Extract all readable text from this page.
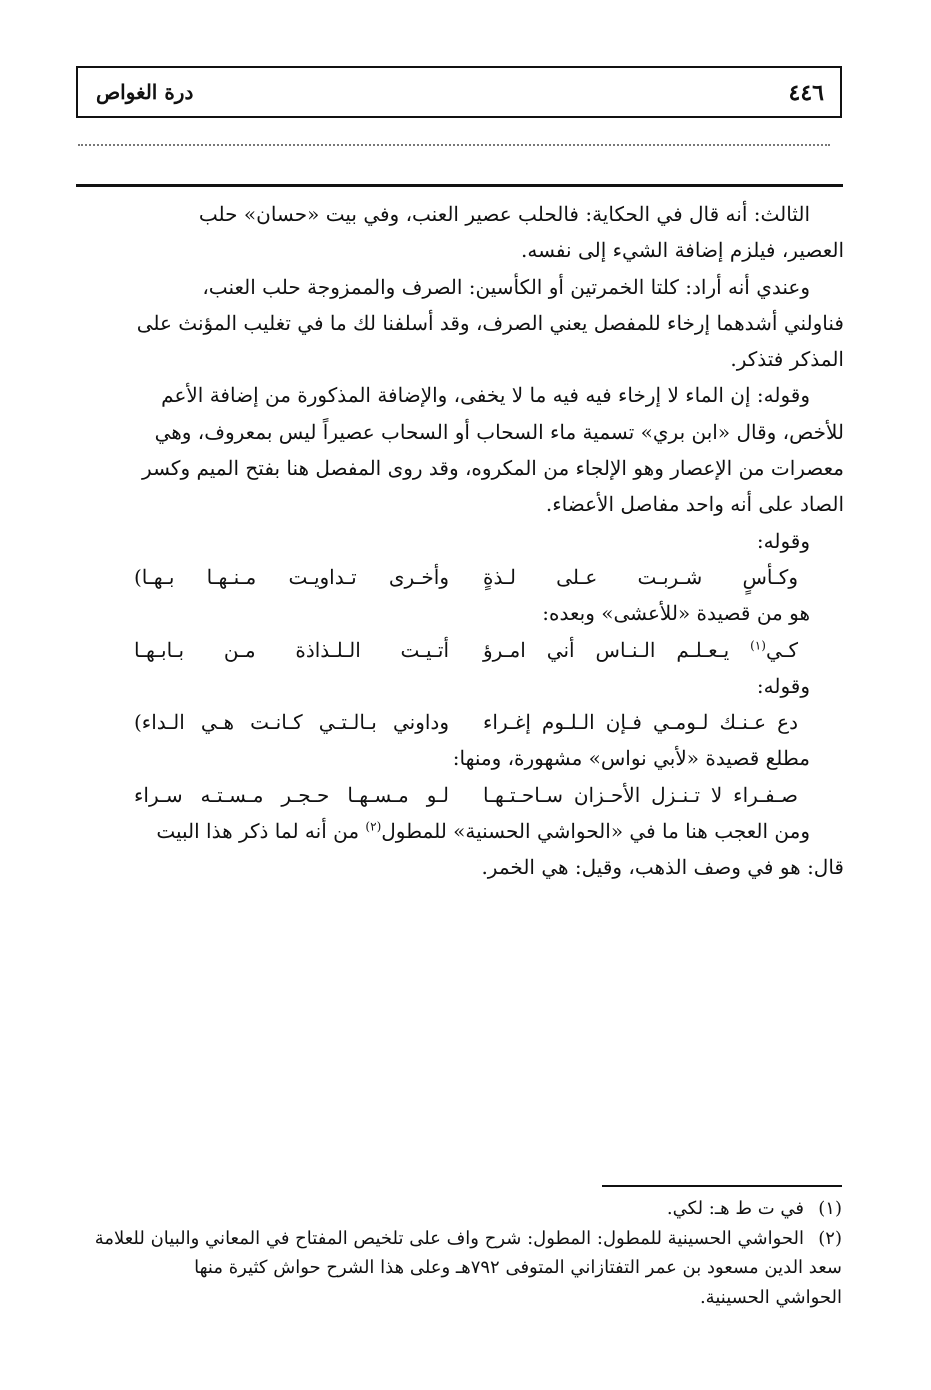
٤٤٦
درة الغواص
الثالث: أنه قال في الحكاية: فالحلب عصير العنب، وفي بيت «حسان» حلب
العصير، فيلزم إضافة الشيء إلى نفسه.
وعندي أنه أراد: كلتا الخمرتين أو الكأسين: الصرف والممزوجة حلب العنب،
فناولني أشدهما إرخاء للمفصل يعني الصرف، وقد أسلفنا لك ما في تغليب المؤنث على
المذكر فتذكر.
وقوله: إن الماء لا إرخاء فيه فيه ما لا يخفى، والإضافة المذكورة من إضافة الأعم
للأخص، وقال «ابن بري» تسمية ماء السحاب أو السحاب عصيراً ليس بمعروف، وهي
معصرات من الإعصار وهو الإلجاء من المكروه، وقد روى المفصل هنا بفتح الميم وكسر
الصاد على أنه واحد مفاصل الأعضاء.
وقوله:
وكـأسٍ شـربـت عـلى لـذةٍ
وأخـرى تـداويـت مـنـهـا بـهـا)
هو من قصيدة «للأعشى» وبعده:
كـي$^{(١)}$ يـعـلـم الـنـاس أني امـرؤ
أتـيـت الـلـذاذة مـن بـابـهـا
وقوله:
دع عـنـك لـومـي فـإن الـلـوم إغـراء
وداوني بـالـتـي كـانـت هـي الـداء)
مطلع قصيدة «لأبي نواس» مشهورة، ومنها:
صـفـراء لا تـنـزل الأحـزان سـاحـتـهـا
لـو مـسـهـا حـجـر مـسـتـه سـراء
ومن العجب هنا ما في «الحواشي الحسنية» للمطول$^{(٢)}$ من أنه لما ذكر هذا البيت
قال: هو في وصف الذهب، وقيل: هي الخمر.

(١)في ت ط هـ: لكي.

(٢)الحواشي الحسينية للمطول: المطول: شرح واف على تلخيص المفتاح في المعاني والبيان للعلامة

سعد الدين مسعود بن عمر التفتازاني المتوفى ٧٩٢هـ وعلى هذا الشرح حواش كثيرة منها

الحواشي الحسينية.
